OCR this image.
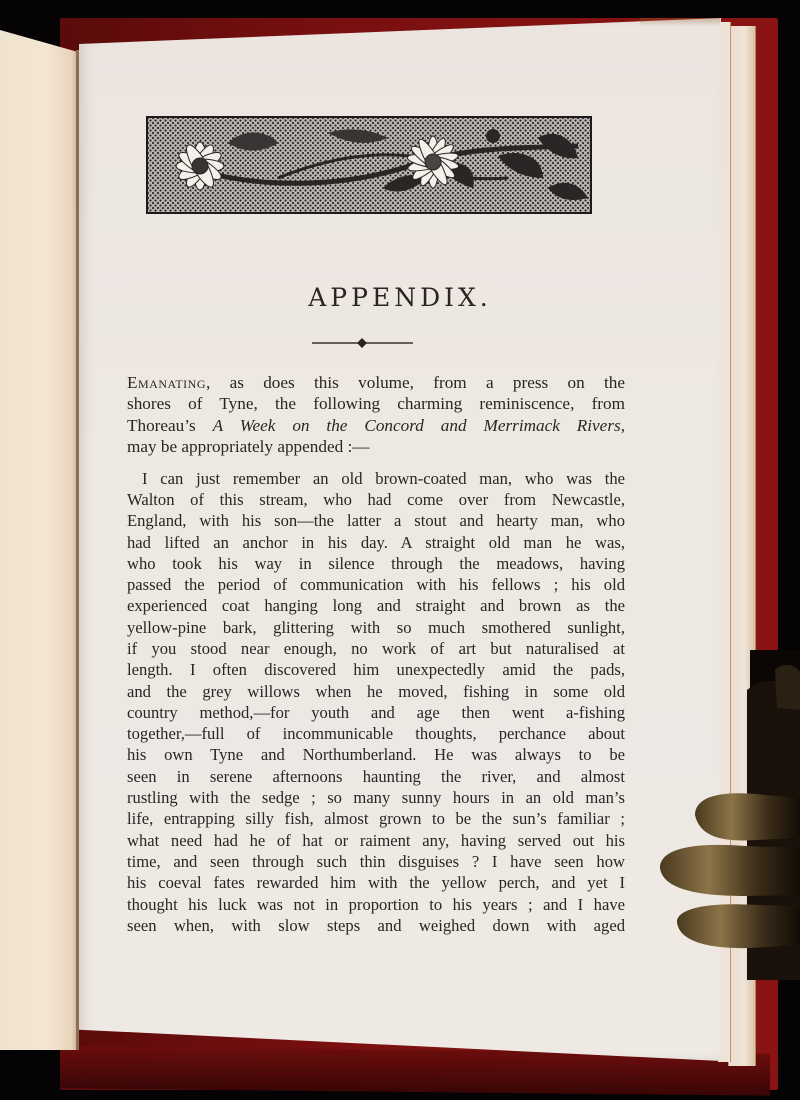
APPENDIX.
Emanating, as does this volume, from a press on the
shores of Tyne, the following charming reminiscence, from
Thoreau’s A Week on the Concord and Merrimack Rivers,
may be appropriately appended :—
I can just remember an old brown-coated man, who was the
Walton of this stream, who had come over from Newcastle,
England, with his son—the latter a stout and hearty man, who
had lifted an anchor in his day. A straight old man he was,
who took his way in silence through the meadows, having
passed the period of communication with his fellows ; his old
experienced coat hanging long and straight and brown as the
yellow-pine bark, glittering with so much smothered sunlight,
if you stood near enough, no work of art but naturalised at
length. I often discovered him unexpectedly amid the pads,
and the grey willows when he moved, fishing in some old
country method,—for youth and age then went a-fishing
together,—full of incommunicable thoughts, perchance about
his own Tyne and Northumberland. He was always to be
seen in serene afternoons haunting the river, and almost
rustling with the sedge ; so many sunny hours in an old man’s
life, entrapping silly fish, almost grown to be the sun’s familiar ;
what need had he of hat or raiment any, having served out his
time, and seen through such thin disguises ? I have seen how
his coeval fates rewarded him with the yellow perch, and yet I
thought his luck was not in proportion to his years ; and I have
seen when, with slow steps and weighed down with aged
